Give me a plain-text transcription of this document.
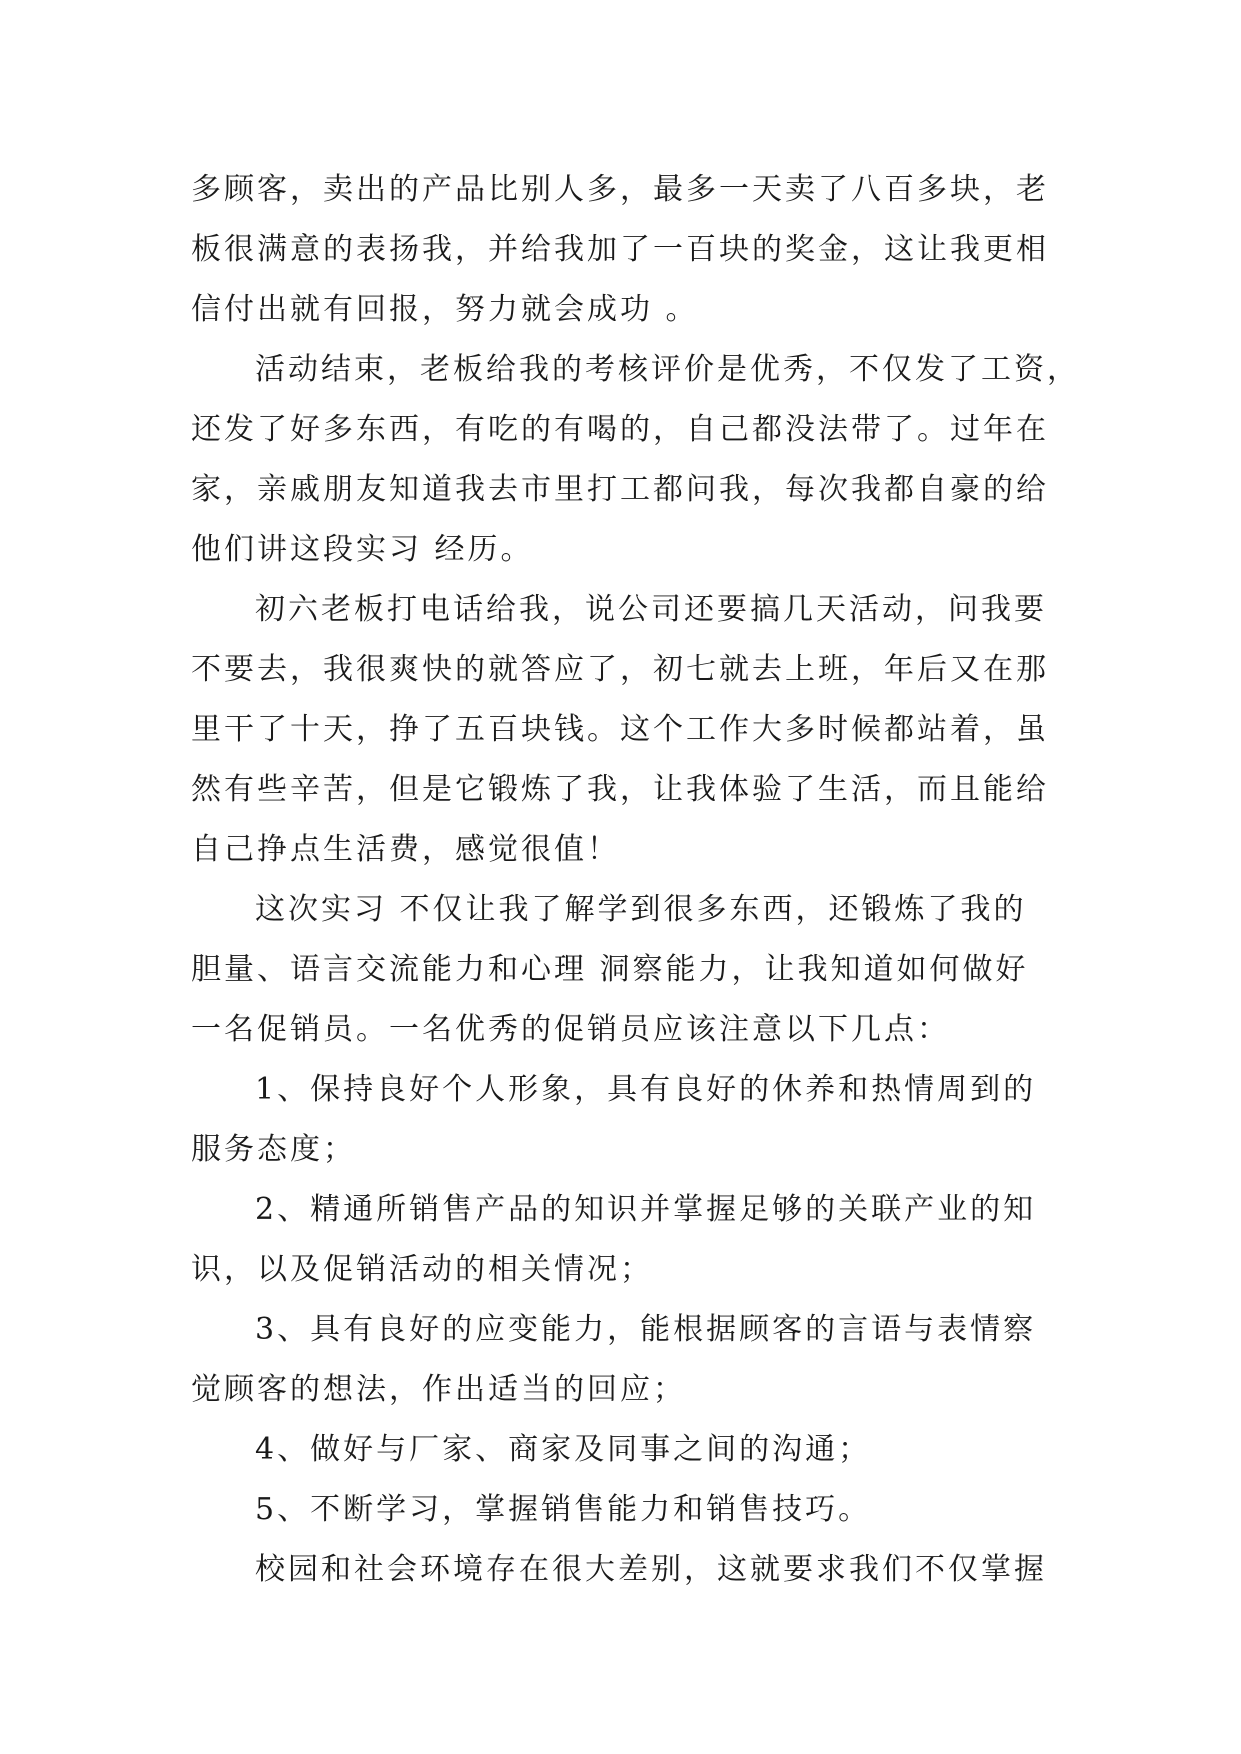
多顾客，卖出的产品比别人多，最多一天卖了八百多块，老
板很满意的表扬我，并给我加了一百块的奖金，这让我更相
信付出就有回报，努力就会成功 。
活动结束，老板给我的考核评价是优秀，不仅发了工资，
还发了好多东西，有吃的有喝的，自己都没法带了。过年在
家，亲戚朋友知道我去市里打工都问我，每次我都自豪的给
他们讲这段实习 经历。
初六老板打电话给我，说公司还要搞几天活动，问我要
不要去，我很爽快的就答应了，初七就去上班，年后又在那
里干了十天，挣了五百块钱。这个工作大多时候都站着，虽
然有些辛苦，但是它锻炼了我，让我体验了生活，而且能给
自己挣点生活费，感觉很值！
这次实习 不仅让我了解学到很多东西，还锻炼了我的
胆量、语言交流能力和心理 洞察能力，让我知道如何做好
一名促销员。一名优秀的促销员应该注意以下几点：
1、保持良好个人形象，具有良好的休养和热情周到的
服务态度；
2、精通所销售产品的知识并掌握足够的关联产业的知
识，以及促销活动的相关情况；
3、具有良好的应变能力，能根据顾客的言语与表情察
觉顾客的想法，作出适当的回应；
4、做好与厂家、商家及同事之间的沟通；
5、不断学习，掌握销售能力和销售技巧。
校园和社会环境存在很大差别，这就要求我们不仅掌握
